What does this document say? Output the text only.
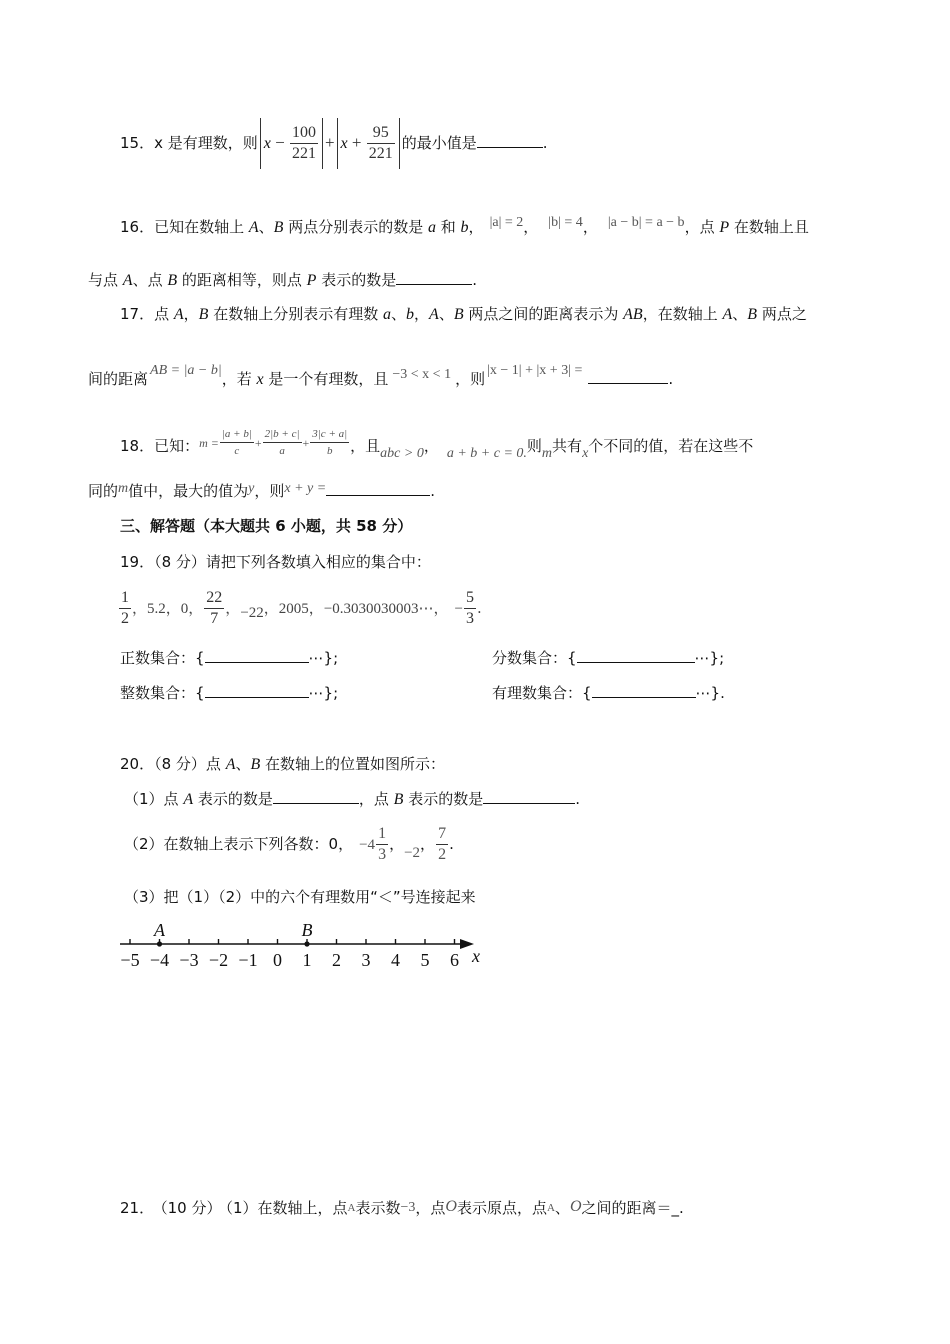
15．x 是有理数，则 $x - \frac{100}{221} + x + \frac{95}{221}$ 的最小值是	.
16．已知在数轴上 A、B 两点分别表示的数是 a 和 b， |a| = 2， |b| = 4， |a − b| = a − b，点 P 在数轴上且
与点 A、点 B 的距离相等，则点 P 表示的数是	.
17．点 A，B 在数轴上分别表示有理数 a、b，A、B 两点之间的距离表示为 AB，在数轴上 A、B 两点之
间的距离 AB = |a − b|，若 x 是一个有理数，且 −3 < x < 1 ，则 |x − 1| + |x + 3| =	.
18．已知：$m = \frac{|a + b|}{c} + \frac{2|b + c|}{a} + \frac{3|c + a|}{b}$ ，且abc > 0， a + b + c = 0.则m共有x个不同的值，若在这些不
同的m值中，最大的值为y，则x + y =	.
三、解答题（本大题共 6 小题，共 58 分）
19．（8 分）请把下列各数填入相应的集合中：
$\frac{1}{2}$ ，5.2，0， $\frac{22}{7}$ ，−22，2005，−0.3030030003⋯， − $\frac{5}{3}$ .
正数集合：{	⋯};	分数集合：{	⋯};
整数集合：{	⋯};	有理数集合：{	⋯}.
20．（8 分）点 A、B 在数轴上的位置如图所示：
（1）点 A 表示的数是	，点 B 表示的数是	.
（2）在数轴上表示下列各数：0， $-4 \frac{1}{3}$ ，−2， $\frac{7}{2}$ .
（3）把（1）（2）中的六个有理数用“＜”号连接起来
−5 −4 −3 −2 −1 0 1 2 3 4 5 6
A	B
x
21． （10 分） （1）在数轴上，点A表示数−3，点O表示原点，点A、O之间的距离＝_.
